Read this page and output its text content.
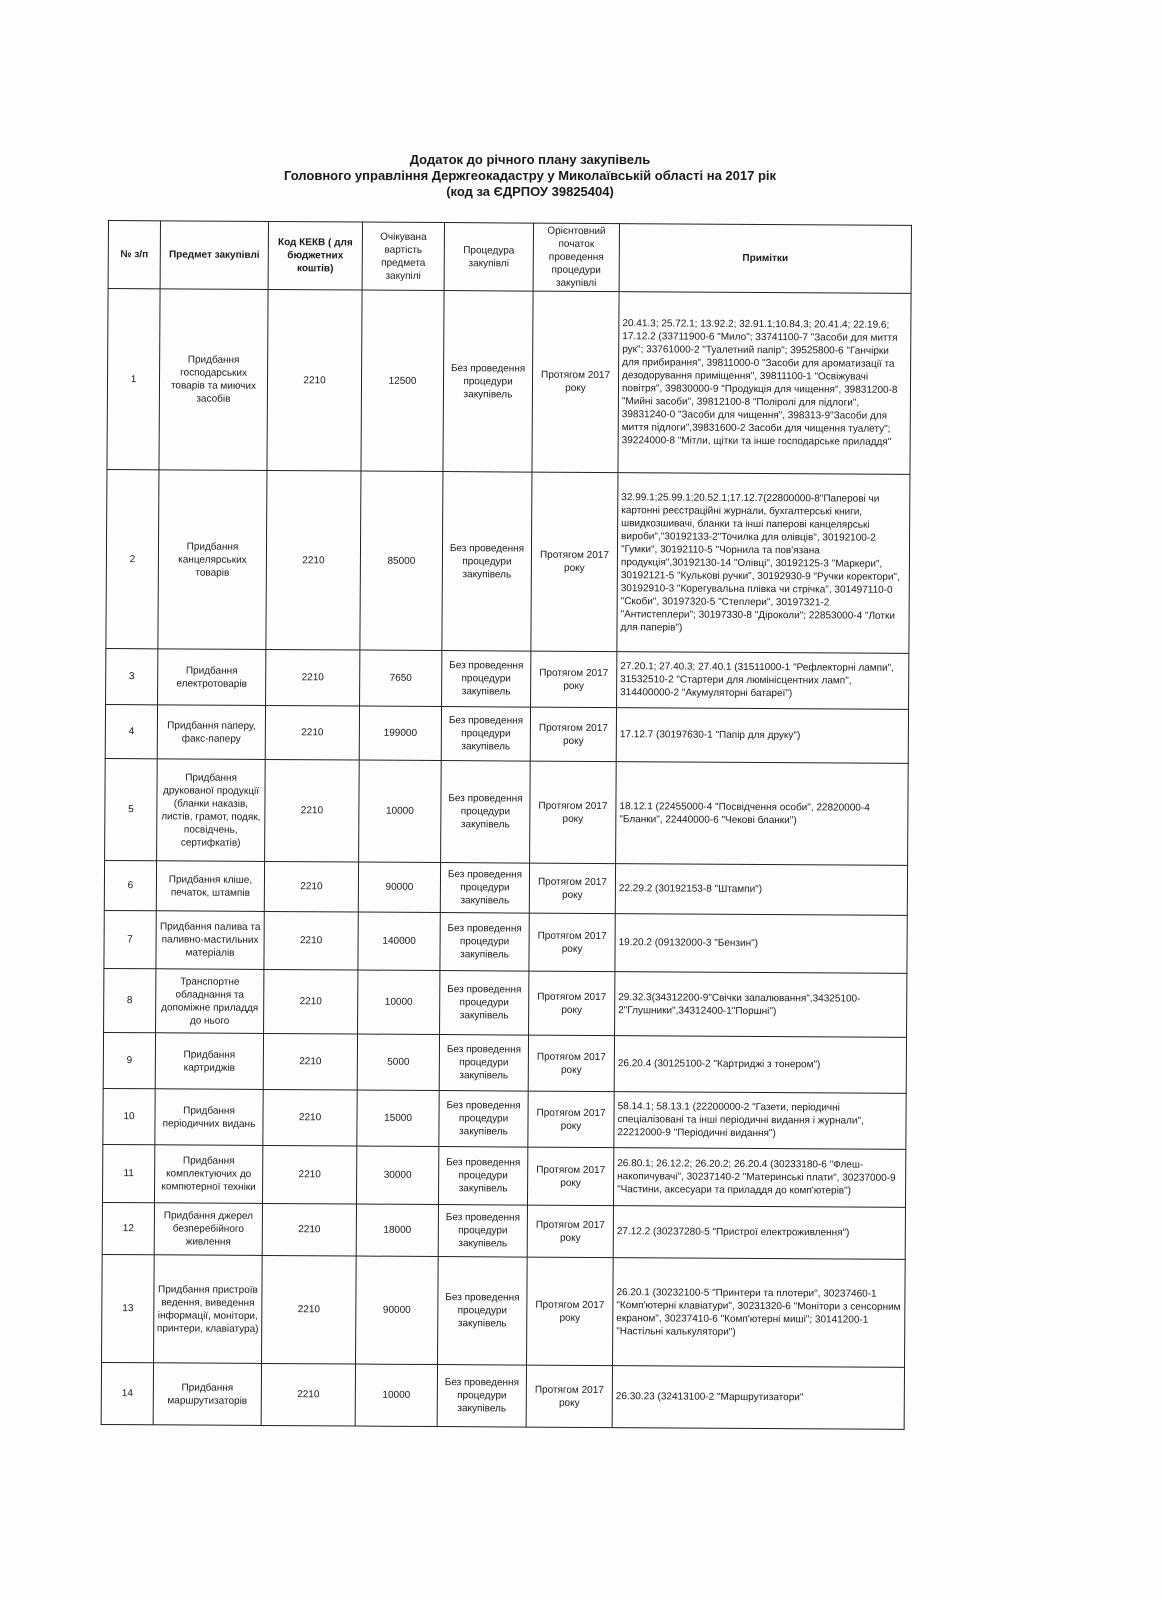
Додаток до річного плану закупівель
Головного управління Держгеокадастру у Миколаївській області на 2017 рік
(код за ЄДРПОУ 39825404)
№ з/п	Предмет закупівлі	Код КЕКВ ( для бюджетних коштів)	Очікувана вартість предмета закупілі	Процедура закупівлі	Орієнтовний початок проведення процедури закупівлі	Примітки
1	Придбання господарських товарів та миючих засобів	2210	12500	Без проведення процедури закупівель	Протягом 2017 року	20.41.3; 25.72.1; 13.92.2; 32.91.1;10.84.3; 20.41.4; 22.19.6; 17.12.2 (33711900-6 "Мило"; 33741100-7 "Засоби для миття рук"; 33761000-2 "Туалетний папір"; 39525800-6 "Ганчірки для прибирання", 39811000-0 "Засоби для ароматизації та дезодорування приміщення", 39811100-1 "Освіжувачі повітря", 39830000-9 "Продукція для чищення", 39831200-8 "Мийні засоби", 39812100-8 "Поліролі для підлоги", 39831240-0 "Засоби для чищення", 398313-9"Засоби для миття підлоги",39831600-2 Засоби для чищення туалету"; 39224000-8 "Мітли, щітки та інше господарське приладдя"
2	Придбання канцелярських товарів	2210	85000	Без проведення процедури закупівель	Протягом 2017 року	32.99.1;25.99.1;20.52.1;17.12.7(22800000-8"Паперові чи картонні реєстраційні журнали, бухгалтерські книги, швидкозшивачі, бланки та інші паперові канцелярські вироби","30192133-2"Точилка для олівців", 30192100-2 "Гумки", 30192110-5 "Чорнила та пов'язана продукція",30192130-14 "Олівці", 30192125-3 "Маркери", 30192121-5 "Кулькові ручки", 30192930-9 "Ручки коректори", 30192910-3 "Корегувальна плівка чи стрічка", 301497110-0 "Скоби", 30197320-5 "Степлери", 30197321-2 "Антистеплери"; 30197330-8 "Діроколи"; 22853000-4 "Лотки для паперів")
3	Придбання електротоварів	2210	7650	Без проведення процедури закупівель	Протягом 2017 року	27.20.1; 27.40.3; 27.40.1 (31511000-1 "Рефлекторні лампи", 31532510-2 "Стартери для люмінісцентних ламп", 314400000-2 "Акумуляторні батареї")
4	Придбання паперу, факс-паперу	2210	199000	Без проведення процедури закупівель	Протягом 2017 року	17.12.7 (30197630-1 "Папір для друку")
5	Придбання друкованої продукції (бланки наказів, листів, грамот, подяк, посвідчень, сертифкатів)	2210	10000	Без проведення процедури закупівель	Протягом 2017 року	18.12.1 (22455000-4 "Посвідчення особи", 22820000-4 "Бланки", 22440000-6 "Чекові бланки")
6	Придбання кліше, печаток, штампів	2210	90000	Без проведення процедури закупівель	Протягом 2017 року	22.29.2 (30192153-8 "Штампи")
7	Придбання палива та паливно-мастильних матеріалів	2210	140000	Без проведення процедури закупівель	Протягом 2017 року	19.20.2 (09132000-3 "Бензин")
8	Транспортне обладнання та допоміжне приладдя до нього	2210	10000	Без проведення процедури закупівель	Протягом 2017 року	29.32.3(34312200-9"Свічки запалювання",34325100-2"Глушники",34312400-1"Поршні")
9	Придбання картриджів	2210	5000	Без проведення процедури закупівель	Протягом 2017 року	26.20.4 (30125100-2 "Картриджі з тонером")
10	Придбання періодичних видань	2210	15000	Без проведення процедури закупівель	Протягом 2017 року	58.14.1; 58.13.1 (22200000-2 "Газети, періодичні спеціалізовані та інші періодичні видання і журнали", 22212000-9 "Періодичні видання")
11	Придбання комплектуючих до компютерної техніки	2210	30000	Без проведення процедури закупівель	Протягом 2017 року	26.80.1; 26.12.2; 26.20.2; 26.20.4 (30233180-6 "Флеш-накопичувачі", 30237140-2 "Материнські плати", 30237000-9 "Частини, аксесуари та приладдя до комп'ютерів")
12	Придбання джерел безперебійного живлення	2210	18000	Без проведення процедури закупівель	Протягом 2017 року	27.12.2 (30237280-5 "Пристрої електроживлення")
13	Придбання пристроїв ведення, виведення інформації, монітори, принтери, клавіатура)	2210	90000	Без проведення процедури закупівель	Протягом 2017 року	26.20.1 (30232100-5 "Принтери та плотери", 30237460-1 "Комп'ютерні клавіатури", 30231320-6 "Монітори з сенсорним екраном", 30237410-6 "Комп'ютерні миші"; 30141200-1 "Настільні калькулятори")
14	Придбання маршрутизаторів	2210	10000	Без проведення процедури закупівель	Протягом 2017 року	26.30.23 (32413100-2 "Маршрутизатори"
